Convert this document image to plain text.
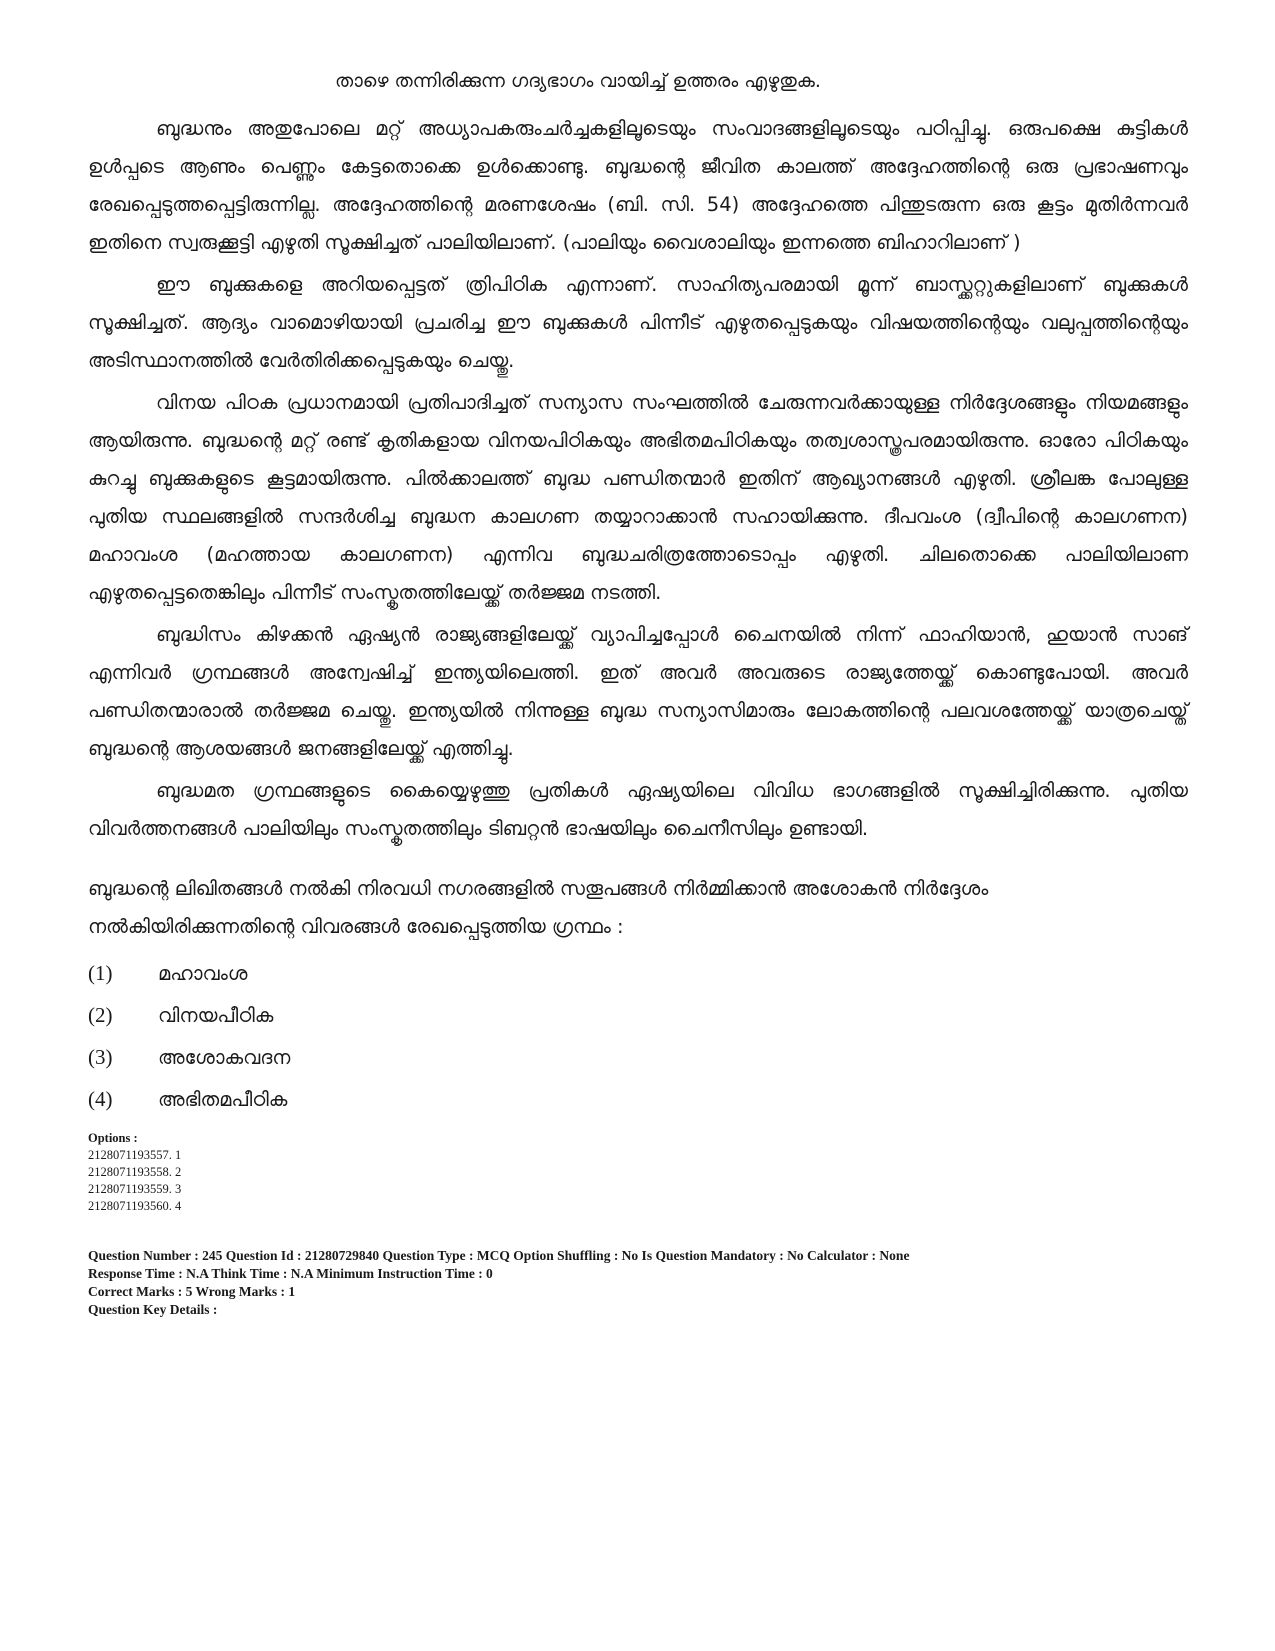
താഴെ തന്നിരിക്കുന്ന ഗദ്യഭാഗം വായിച്ച് ഉത്തരം എഴുതുക.

ബുദ്ധനും അതുപോലെ മറ്റ് അധ്യാപകരുംചർച്ചകളിലൂടെയും സംവാദങ്ങളിലൂടെയും പഠിപ്പിച്ചു. ഒരുപക്ഷെ കുട്ടികൾ ഉൾപ്പടെ ആണും പെണ്ണും കേട്ടതൊക്കെ ഉൾക്കൊണ്ടു. ബുദ്ധന്റെ ജീവിത കാലത്ത് അദ്ദേഹത്തിന്റെ ഒരു പ്രഭാഷണവും രേഖപ്പെടുത്തപ്പെട്ടിരുന്നില്ല. അദ്ദേഹത്തിന്റെ മരണശേഷം (ബി. സി. 54) അദ്ദേഹത്തെ പിന്തുടരുന്ന ഒരു കൂട്ടം മുതിർന്നവർ ഇതിനെ സ്വരുക്കൂട്ടി എഴുതി സൂക്ഷിച്ചത് പാലിയിലാണ്. (പാലിയും വൈശാലിയും ഇന്നത്തെ ബിഹാറിലാണ് )

ഈ ബുക്കുകളെ അറിയപ്പെട്ടത് ത്രിപിഠിക എന്നാണ്. സാഹിത്യപരമായി മൂന്ന് ബാസ്ക്കറ്റുകളിലാണ് ബുക്കുകൾ സൂക്ഷിച്ചത്. ആദ്യം വാമൊഴിയായി പ്രചരിച്ച ഈ ബുക്കുകൾ പിന്നീട് എഴുതപ്പെടുകയും വിഷയത്തിന്റെയും വലുപ്പത്തിന്റെയും അടിസ്ഥാനത്തിൽ വേർതിരിക്കപ്പെടുകയും ചെയ്തു.

വിനയ പിഠക പ്രധാനമായി പ്രതിപാദിച്ചത് സന്യാസ സംഘത്തിൽ ചേരുന്നവർക്കായുള്ള നിർദ്ദേശങ്ങളും നിയമങ്ങളും ആയിരുന്നു. ബുദ്ധന്റെ മറ്റ് രണ്ട് കൃതികളായ വിനയപിഠികയും അഭിതമപിഠികയും തത്വശാസ്ത്രപരമായിരുന്നു. ഓരോ പിഠികയും കുറച്ചു ബുക്കുകളുടെ കൂട്ടമായിരുന്നു. പിൽക്കാലത്ത് ബുദ്ധ പണ്ഡിതന്മാർ ഇതിന് ആഖ്യാനങ്ങൾ എഴുതി. ശ്രീലങ്ക പോലുള്ള പുതിയ സ്ഥലങ്ങളിൽ സന്ദർശിച്ച ബുദ്ധന കാലഗണ തയ്യാറാക്കാൻ സഹായിക്കുന്നു. ദീപവംശ (ദ്വീപിന്റെ കാലഗണന) മഹാവംശ (മഹത്തായ കാലഗണന) എന്നിവ ബുദ്ധചരിത്രത്തോടൊപ്പം എഴുതി. ചിലതൊക്കെ പാലിയിലാണ എഴുതപ്പെട്ടതെങ്കിലും പിന്നീട് സംസ്കൃതത്തിലേയ്ക്ക് തർജ്ജമ നടത്തി.

ബുദ്ധിസം കിഴക്കൻ ഏഷ്യൻ രാജ്യങ്ങളിലേയ്ക്ക് വ്യാപിച്ചപ്പോൾ ചൈനയിൽ നിന്ന് ഫാഹിയാൻ, ഹുയാൻ സാങ് എന്നിവർ ഗ്രന്ഥങ്ങൾ അന്വേഷിച്ച് ഇന്ത്യയിലെത്തി. ഇത് അവർ അവരുടെ രാജ്യത്തേയ്ക്ക് കൊണ്ടുപോയി. അവർ പണ്ഡിതന്മാരാൽ തർജ്ജമ ചെയ്തു. ഇന്ത്യയിൽ നിന്നുള്ള ബുദ്ധ സന്യാസിമാരും ലോകത്തിന്റെ പലവശത്തേയ്ക്ക് യാത്രചെയ്ത് ബുദ്ധന്റെ ആശയങ്ങൾ ജനങ്ങളിലേയ്ക്ക് എത്തിച്ചു.

ബുദ്ധമത ഗ്രന്ഥങ്ങളുടെ കൈയ്യെഴുത്തു പ്രതികൾ ഏഷ്യയിലെ വിവിധ ഭാഗങ്ങളിൽ സൂക്ഷിച്ചിരിക്കുന്നു. പുതിയ വിവർത്തനങ്ങൾ പാലിയിലും സംസ്കൃതത്തിലും ടിബറ്റൻ ഭാഷയിലും ചൈനീസിലും ഉണ്ടായി.

ബുദ്ധന്റെ ലിഖിതങ്ങൾ നൽകി നിരവധി നഗരങ്ങളിൽ സതൂപങ്ങൾ നിർമ്മിക്കാൻ അശോകൻ നിർദ്ദേശം നൽകിയിരിക്കുന്നതിന്റെ വിവരങ്ങൾ രേഖപ്പെടുത്തിയ ഗ്രന്ഥം :
(1)	മഹാവംശ
(2)	വിനയപീഠിക
(3)	അശോകവദന
(4)	അഭിതമപീഠിക
Options :
2128071193557. 1
2128071193558. 2
2128071193559. 3
2128071193560. 4
Question Number : 245 Question Id : 21280729840 Question Type : MCQ Option Shuffling : No Is Question Mandatory : No Calculator : None
Response Time : N.A Think Time : N.A Minimum Instruction Time : 0
Correct Marks : 5 Wrong Marks : 1
Question Key Details :
